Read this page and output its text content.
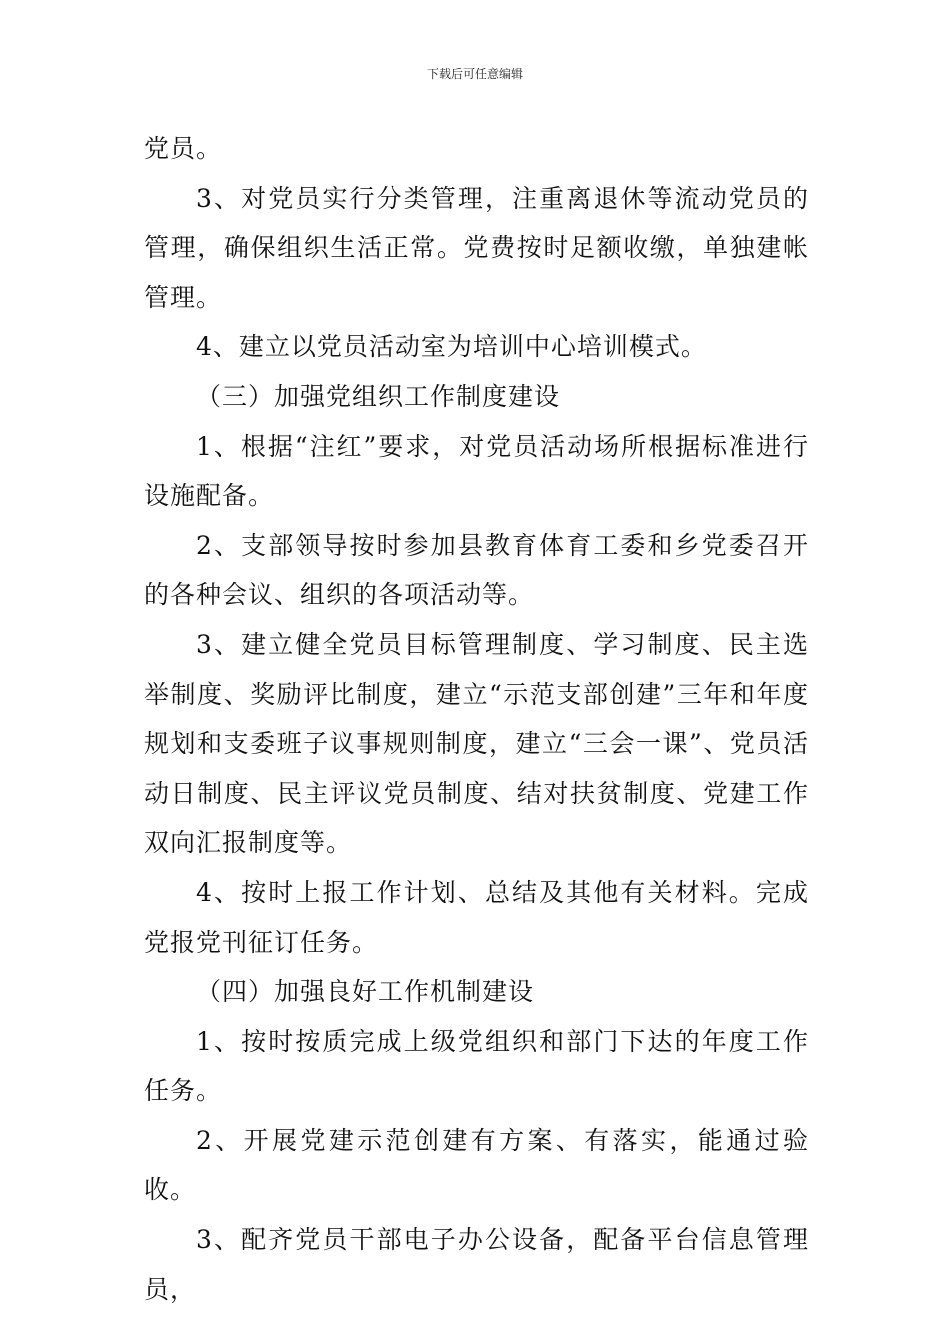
下载后可任意编辑

党员。

3、对党员实行分类管理，注重离退休等流动党员的管理，确保组织生活正常。党费按时足额收缴，单独建帐管理。

4、建立以党员活动室为培训中心培训模式。

（三）加强党组织工作制度建设

1、根据“注红”要求，对党员活动场所根据标准进行设施配备。

2、支部领导按时参加县教育体育工委和乡党委召开的各种会议、组织的各项活动等。

3、建立健全党员目标管理制度、学习制度、民主选举制度、奖励评比制度，建立“示范支部创建”三年和年度规划和支委班子议事规则制度，建立“三会一课”、党员活动日制度、民主评议党员制度、结对扶贫制度、党建工作双向汇报制度等。

4、按时上报工作计划、总结及其他有关材料。完成党报党刊征订任务。

（四）加强良好工作机制建设

1、按时按质完成上级党组织和部门下达的年度工作任务。

2、开展党建示范创建有方案、有落实，能通过验收。

3、配齐党员干部电子办公设备，配备平台信息管理员，
